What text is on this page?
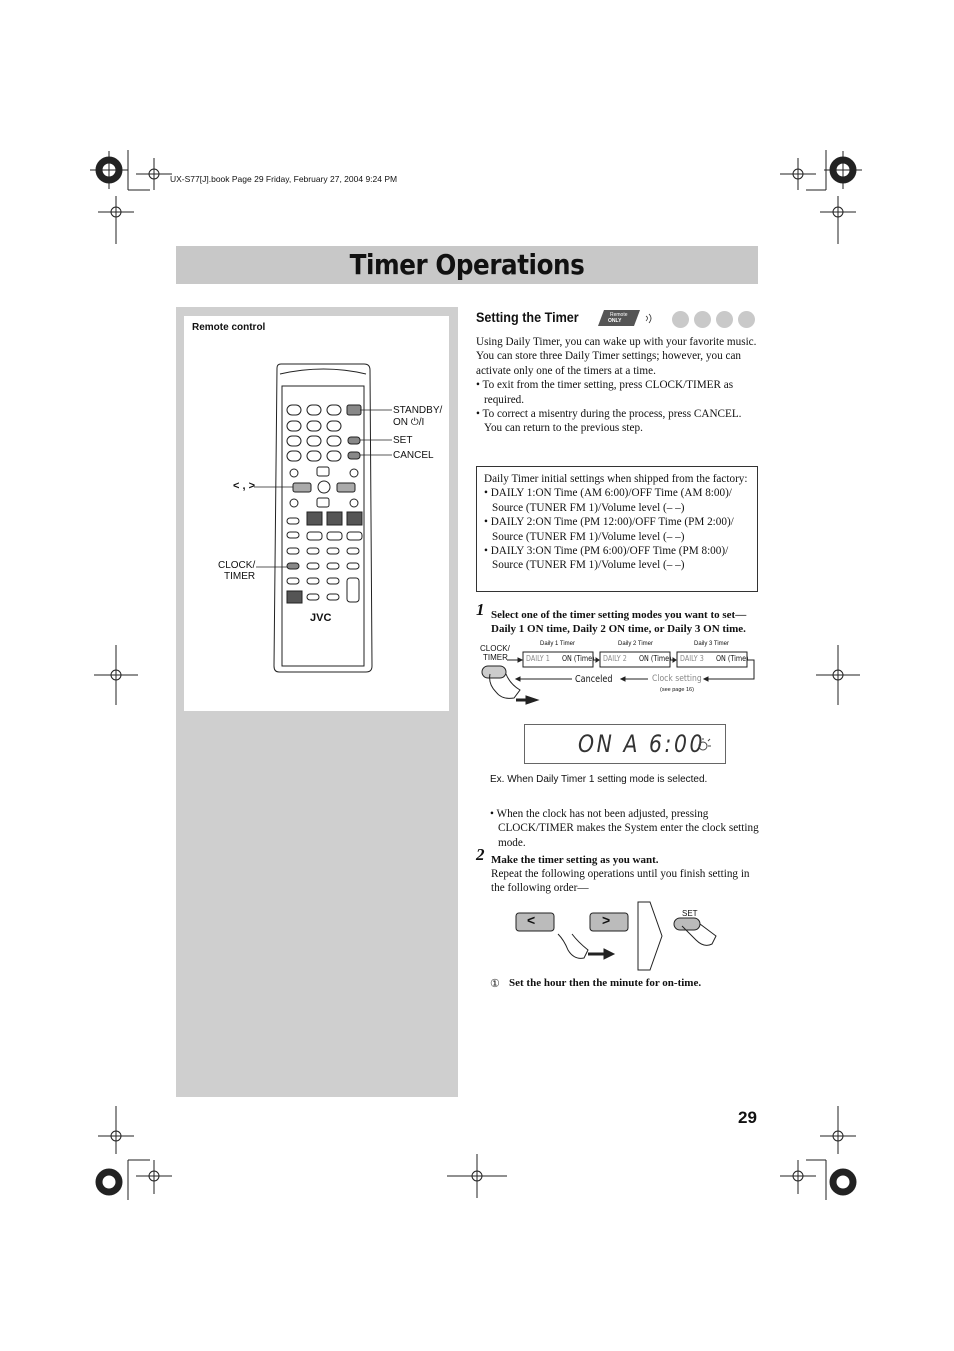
UX-S77[J].book Page 29 Friday, February 27, 2004 9:24 PM
Timer Operations
Remote control
JVC
STANDBY/
ON ⏻/I
SET
CANCEL
< , >
CLOCK/
TIMER
Setting the Timer	Remote
ONLY

Using Daily Timer, you can wake up with your favorite music.

You can store three Daily Timer settings; however, you can activate only one of the timers at a time.

• To exit from the timer setting, press CLOCK/TIMER as required.

• To correct a misentry during the process, press CANCEL. You can return to the previous step.

Daily Timer initial settings when shipped from the factory:

• DAILY 1:ON Time (AM 6:00)/OFF Time (AM 8:00)/ Source (TUNER FM 1)/Volume level (– –)

• DAILY 2:ON Time (PM 12:00)/OFF Time (PM 2:00)/ Source (TUNER FM 1)/Volume level (– –)

• DAILY 3:ON Time (PM 6:00)/OFF Time (PM 8:00)/ Source (TUNER FM 1)/Volume level (– –)

1 Select one of the timer setting modes you want to set—Daily 1 ON time, Daily 2 ON time, or Daily 3 ON time.
CLOCK/
TIMER
Daily 1 Timer	Daily 2 Timer	Daily 3 Timer
DAILY 1	DAILY 2	DAILY 3
ON (Time)	ON (Time)	ON (Time)
Canceled	Clock setting
(see page 16)
ON A 6:00
Ex. When Daily Timer 1 setting mode is selected.
• When the clock has not been adjusted, pressing CLOCK/TIMER makes the System enter the clock setting mode.
2 Make the timer setting as you want.
Repeat the following operations until you finish setting in the following order—
<	>	SET
① Set the hour then the minute for on-time.
29
